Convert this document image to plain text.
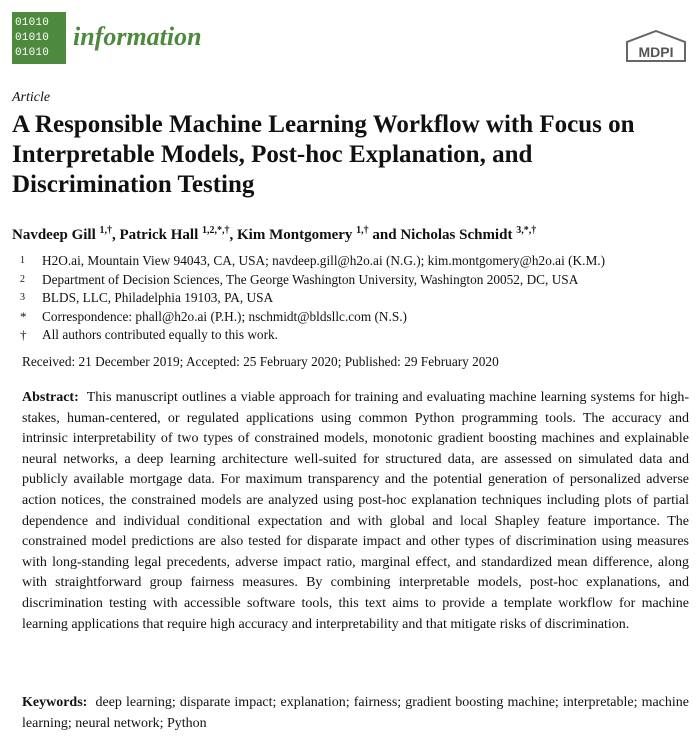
01010
01010
01010
information
MDPI
Article
A Responsible Machine Learning Workflow with Focus on Interpretable Models, Post-hoc Explanation, and Discrimination Testing
Navdeep Gill $^{1,\dagger}$, Patrick Hall $^{1,2,*,\dagger}$, Kim Montgomery $^{1,\dagger}$ and Nicholas Schmidt $^{3,*,\dagger}$
1	H2O.ai, Mountain View 94043, CA, USA; navdeep.gill@h2o.ai (N.G.); kim.montgomery@h2o.ai (K.M.)
2	Department of Decision Sciences, The George Washington University, Washington 20052, DC, USA
3	BLDS, LLC, Philadelphia 19103, PA, USA
*	Correspondence: phall@h2o.ai (P.H.); nschmidt@bldsllc.com (N.S.)
†	All authors contributed equally to this work.
Received: 21 December 2019; Accepted: 25 February 2020; Published: 29 February 2020

Abstract: This manuscript outlines a viable approach for training and evaluating machine learning systems for high-stakes, human-centered, or regulated applications using common Python programming tools. The accuracy and intrinsic interpretability of two types of constrained models, monotonic gradient boosting machines and explainable neural networks, a deep learning architecture well-suited for structured data, are assessed on simulated data and publicly available mortgage data. For maximum transparency and the potential generation of personalized adverse action notices, the constrained models are analyzed using post-hoc explanation techniques including plots of partial dependence and individual conditional expectation and with global and local Shapley feature importance. The constrained model predictions are also tested for disparate impact and other types of discrimination using measures with long-standing legal precedents, adverse impact ratio, marginal effect, and standardized mean difference, along with straightforward group fairness measures. By combining interpretable models, post-hoc explanations, and discrimination testing with accessible software tools, this text aims to provide a template workflow for machine learning applications that require high accuracy and interpretability and that mitigate risks of discrimination.

Keywords: deep learning; disparate impact; explanation; fairness; gradient boosting machine; interpretable; machine learning; neural network; Python
